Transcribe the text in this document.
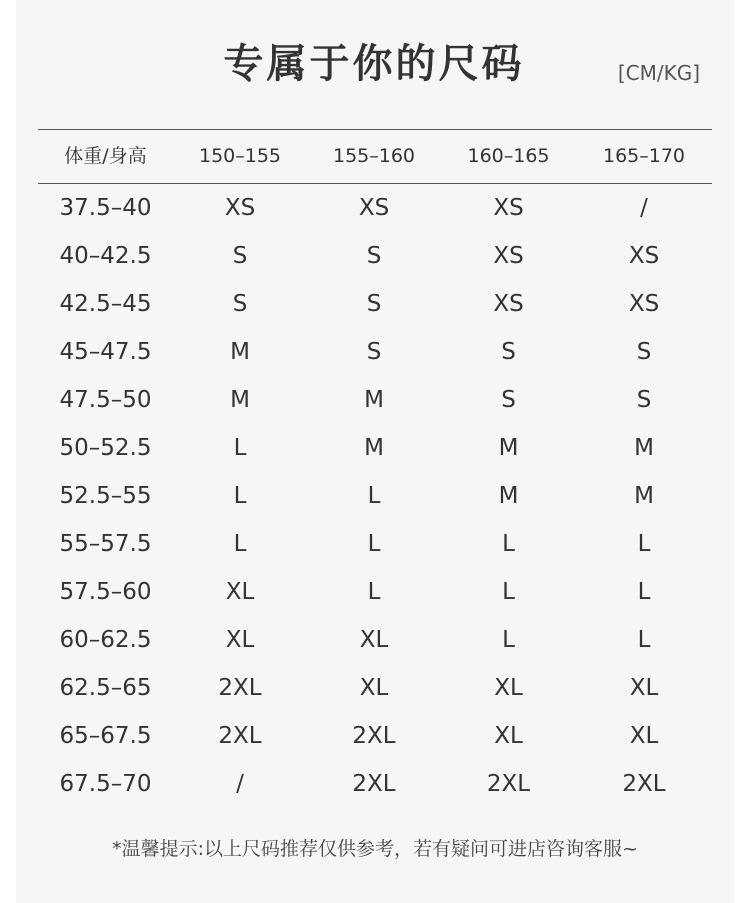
专属于你的尺码	[CM/KG]
体重/身高	150–155	155–160	160–165	165–170
37.5–40	XS	XS	XS	/
40–42.5	S	S	XS	XS
42.5–45	S	S	XS	XS
45–47.5	M	S	S	S
47.5–50	M	M	S	S
50–52.5	L	M	M	M
52.5–55	L	L	M	M
55–57.5	L	L	L	L
57.5–60	XL	L	L	L
60–62.5	XL	XL	L	L
62.5–65	2XL	XL	XL	XL
65–67.5	2XL	2XL	XL	XL
67.5–70	/	2XL	2XL	2XL
*温馨提示:以上尺码推荐仅供参考，若有疑问可进店咨询客服~
